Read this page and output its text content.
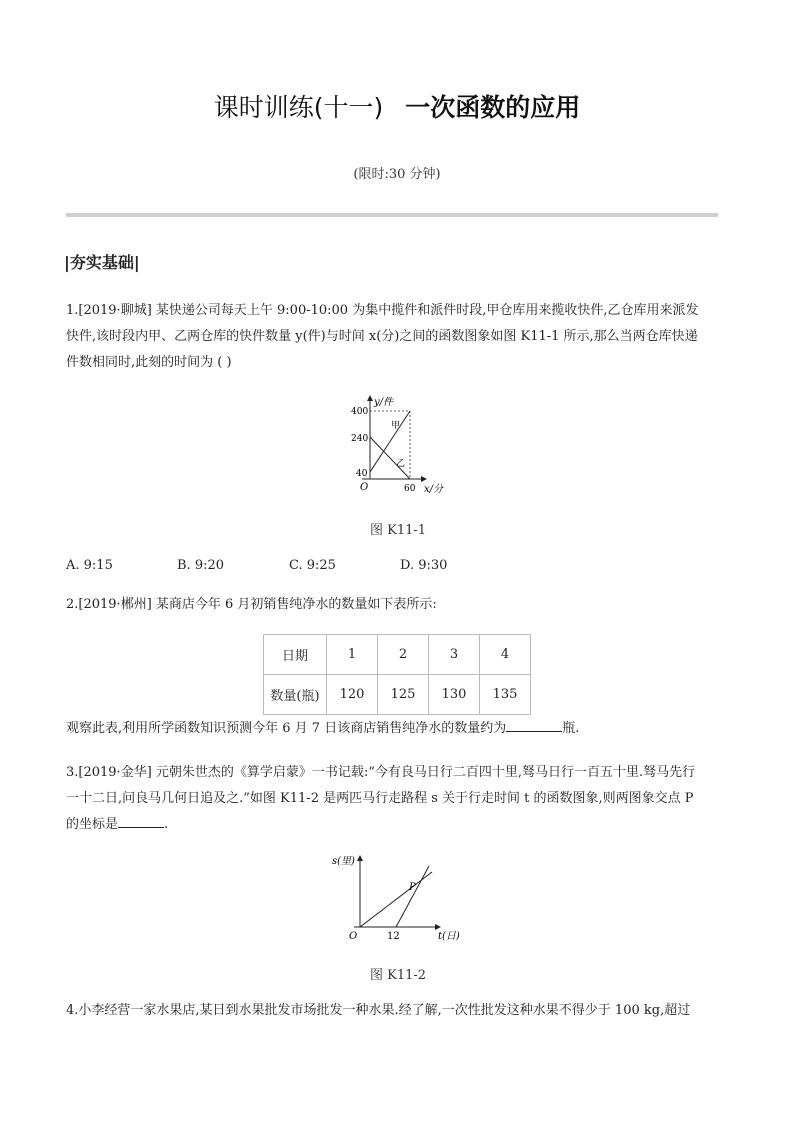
课时训练(十一) 一次函数的应用
(限时:30 分钟)
|夯实基础|
1.[2019·聊城] 某快递公司每天上午 9:00-10:00 为集中揽件和派件时段,甲仓库用来揽收快件,乙仓库用来派发
快件,该时段内甲、乙两仓库的快件数量 y(件)与时间 x(分)之间的函数图象如图 K11-1 所示,那么当两仓库快递
件数相同时,此刻的时间为 ( )
y/件
x/分
O
400
240
40
60
甲
乙
图 K11-1
A. 9:15	B. 9:20	C. 9:25	D. 9:30
2.[2019·郴州] 某商店今年 6 月初销售纯净水的数量如下表所示:
日期	1	2	3	4
数量(瓶)	120	125	130	135
观察此表,利用所学函数知识预测今年 6 月 7 日该商店销售纯净水的数量约为	瓶.
3.[2019·金华] 元朝朱世杰的《算学启蒙》一书记载:“今有良马日行二百四十里,驽马日行一百五十里.驽马先行
一十二日,问良马几何日追及之.”如图 K11-2 是两匹马行走路程 s 关于行走时间 t 的函数图象,则两图象交点 P
的坐标是	.
s(里)
t(日)
O	12
P
图 K11-2
4.小李经营一家水果店,某日到水果批发市场批发一种水果.经了解,一次性批发这种水果不得少于 100 kg,超过
